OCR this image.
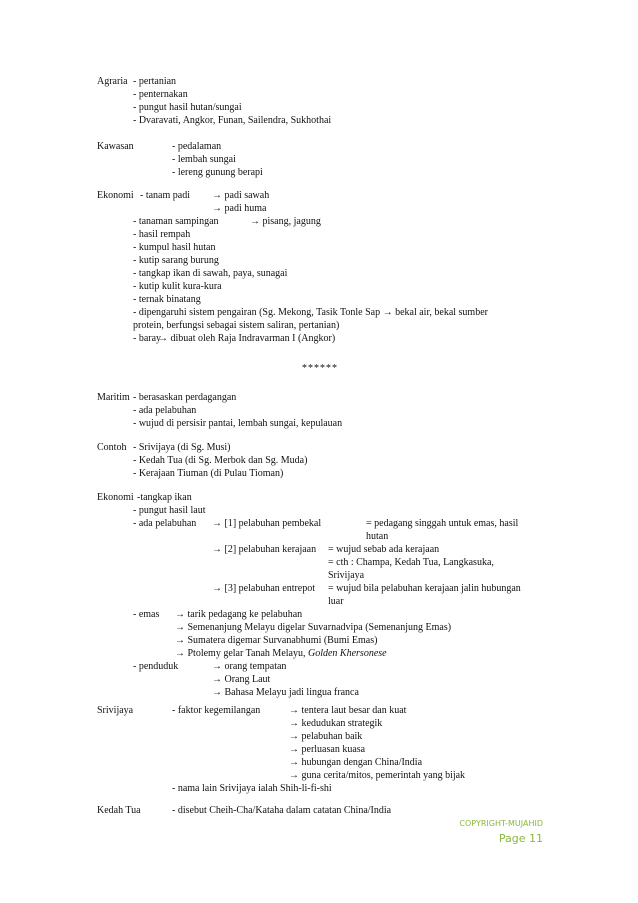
Agraria - pertanian
- penternakan
- pungut hasil hutan/sungai
- Dvaravati, Angkor, Funan, Sailendra, Sukhothai
Kawasan	- pedalaman
- lembah sungai
- lereng gunung berapi
Ekonomi - tanam padi → padi sawah
→ padi huma
- tanaman sampingan	→ pisang, jagung
- hasil rempah
- kumpul hasil hutan
- kutip sarang burung
- tangkap ikan di sawah, paya, sunagai
- kutip kulit kura-kura
- ternak binatang
- dipengaruhi sistem pengairan (Sg. Mekong, Tasik Tonle Sap → bekal air, bekal sumber
protein, berfungsi sebagai sistem saliran, pertanian)
- baray
→ dibuat oleh Raja Indravarman I (Angkor)
******
Maritim - berasaskan perdagangan
- ada pelabuhan
- wujud di persisir pantai, lembah sungai, kepulauan
Contoh - Srivijaya (di Sg. Musi)
- Kedah Tua (di Sg. Merbok dan Sg. Muda)
- Kerajaan Tiuman (di Pulau Tioman)
Ekonomi -tangkap ikan
- pungut hasil laut
- ada pelabuhan → [1] pelabuhan pembekal	= pedagang singgah untuk emas, hasil
hutan
→ [2] pelabuhan kerajaan = wujud sebab ada kerajaan
= cth : Champa, Kedah Tua, Langkasuka,
Srivijaya
→ [3] pelabuhan entrepot = wujud bila pelabuhan kerajaan jalin hubungan
luar
- emas → tarik pedagang ke pelabuhan
→ Semenanjung Melayu digelar Suvarnadvipa (Semenanjung Emas)
→ Sumatera digemar Survanabhumi (Bumi Emas)
→ Ptolemy gelar Tanah Melayu, Golden Khersonese
- penduduk	→ orang tempatan
→ Orang Laut
→ Bahasa Melayu jadi lingua franca
Srivijaya	- faktor kegemilangan	→ tentera laut besar dan kuat
→ kedudukan strategik
→ pelabuhan baik
→ perluasan kuasa
→ hubungan dengan China/India
→ guna cerita/mitos, pemerintah yang bijak
- nama lain Srivijaya ialah Shih-li-fi-shi
Kedah Tua	- disebut Cheih-Cha/Kataha dalam catatan China/India
COPYRIGHT-MUJAHID
Page 11
